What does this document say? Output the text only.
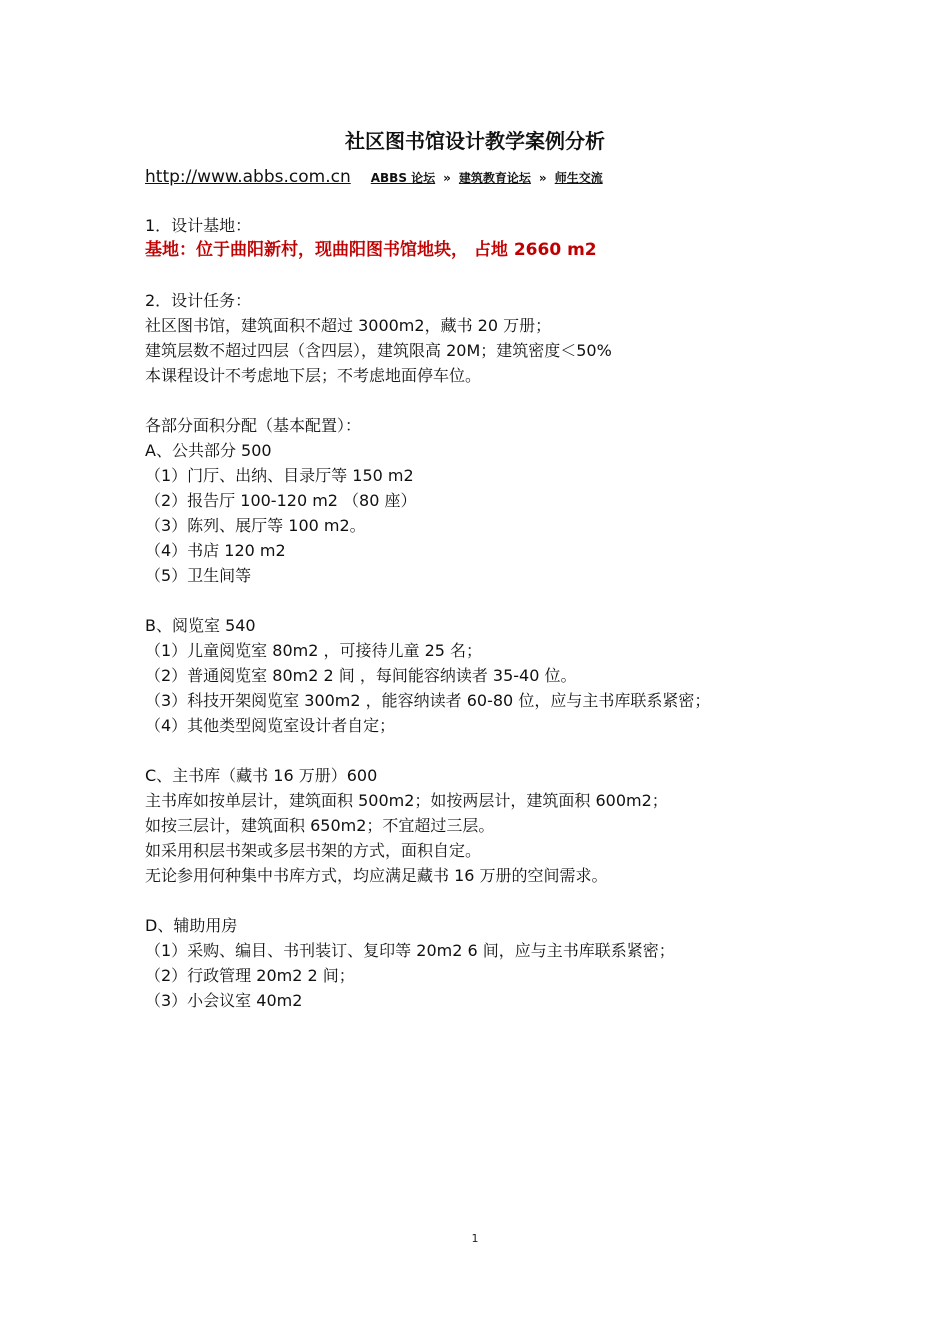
社区图书馆设计教学案例分析
http://www.abbs.com.cn ABBS 论坛 » 建筑教育论坛 » 师生交流
1．设计基地：
基地：位于曲阳新村，现曲阳图书馆地块， 占地 2660 m2
2．设计任务：
社区图书馆，建筑面积不超过 3000m2，藏书 20 万册；
建筑层数不超过四层（含四层），建筑限高 20M；建筑密度＜50%
本课程设计不考虑地下层；不考虑地面停车位。
各部分面积分配（基本配置）：
A、公共部分 500
（1）门厅、出纳、目录厅等 150 m2
（2）报告厅 100-120 m2 （80 座）
（3）陈列、展厅等 100 m2。
（4）书店 120 m2
（5）卫生间等
B、阅览室 540
（1）儿童阅览室 80m2 ，可接待儿童 25 名；
（2）普通阅览室 80m2 2 间 ，每间能容纳读者 35-40 位。
（3）科技开架阅览室 300m2 ，能容纳读者 60-80 位，应与主书库联系紧密；
（4）其他类型阅览室设计者自定；
C、主书库（藏书 16 万册）600
主书库如按单层计，建筑面积 500m2；如按两层计，建筑面积 600m2；
如按三层计，建筑面积 650m2；不宜超过三层。
如采用积层书架或多层书架的方式，面积自定。
无论参用何种集中书库方式，均应满足藏书 16 万册的空间需求。
D、辅助用房
（1）采购、编目、书刊装订、复印等 20m2 6 间，应与主书库联系紧密；
（2）行政管理 20m2 2 间；
（3）小会议室 40m2
1
